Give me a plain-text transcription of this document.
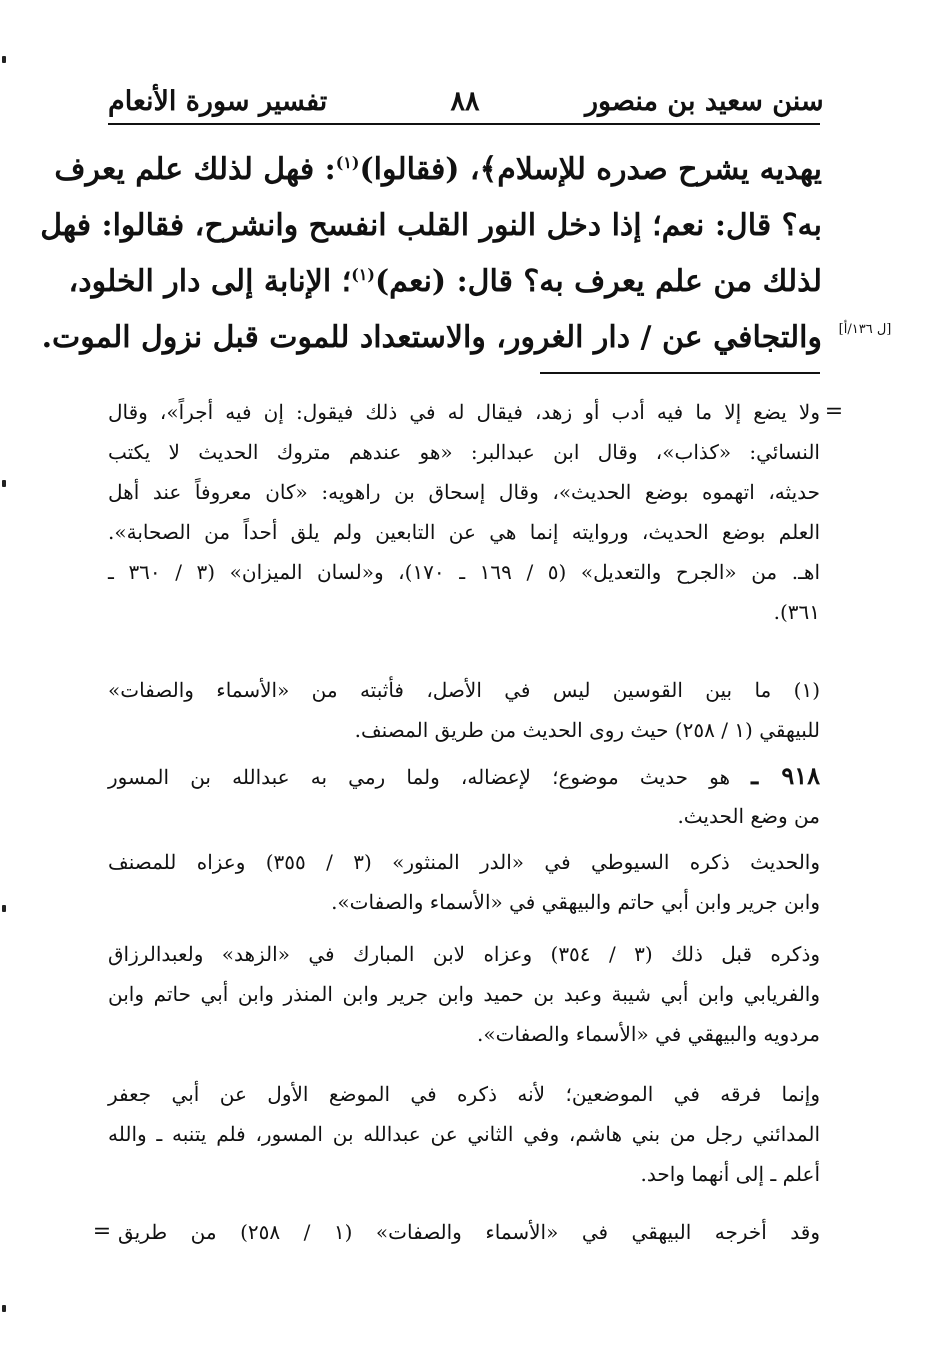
سنن سعيد بن منصور
٨٨
تفسير سورة الأنعام
يهديه يشرح صدره للإسلام﴾، (فقالوا)$^{(١)}$: فهل لذلك علم يعرف
به؟ قال: نعم؛ إذا دخل النور القلب انفسح وانشرح، فقالوا: فهل
لذلك من علم يعرف به؟ قال: (نعم)$^{(١)}$؛ الإنابة إلى دار الخلود،
والتجافي عن / دار الغرور، والاستعداد للموت قبل نزول الموت.	[ل ١٣٦/أ]
=
ولا يضع إلا ما فيه أدب أو زهد، فيقال له في ذلك فيقول: إن فيه أجراً»، وقال
النسائي: «كذاب»، وقال ابن عبدالبر: «هو عندهم متروك الحديث لا يكتب
حديثه، اتهموه بوضع الحديث»، وقال إسحاق بن راهويه: «كان معروفاً عند أهل
العلم بوضع الحديث، وروايته إنما هي عن التابعين ولم يلق أحداً من الصحابة».
اهـ. من «الجرح والتعديل» (٥ / ١٦٩ ـ ١٧٠)، و«لسان الميزان» (٣ / ٣٦٠ ـ
٣٦١).
(١) ما بين القوسين ليس في الأصل، فأثبته من «الأسماء والصفات»
للبيهقي (١ / ٢٥٨) حيث روى الحديث من طريق المصنف.
٩١٨ ـ هو حديث موضوع؛ لإعضاله، ولما رمي به عبدالله بن المسور
من وضع الحديث.
والحديث ذكره السيوطي في «الدر المنثور» (٣ / ٣٥٥) وعزاه للمصنف
وابن جرير وابن أبي حاتم والبيهقي في «الأسماء والصفات».
وذكره قبل ذلك (٣ / ٣٥٤) وعزاه لابن المبارك في «الزهد» ولعبدالرزاق
والفريابي وابن أبي شيبة وعبد بن حميد وابن جرير وابن المنذر وابن أبي حاتم وابن
مردويه والبيهقي في «الأسماء والصفات».
وإنما فرقه في الموضعين؛ لأنه ذكره في الموضع الأول عن أبي جعفر
المدائني رجل من بني هاشم، وفي الثاني عن عبدالله بن المسور، فلم يتنبه ـ والله
أعلم ـ إلى أنهما واحد.
وقد أخرجه البيهقي في «الأسماء والصفات» (١ / ٢٥٨) من طريق
=
